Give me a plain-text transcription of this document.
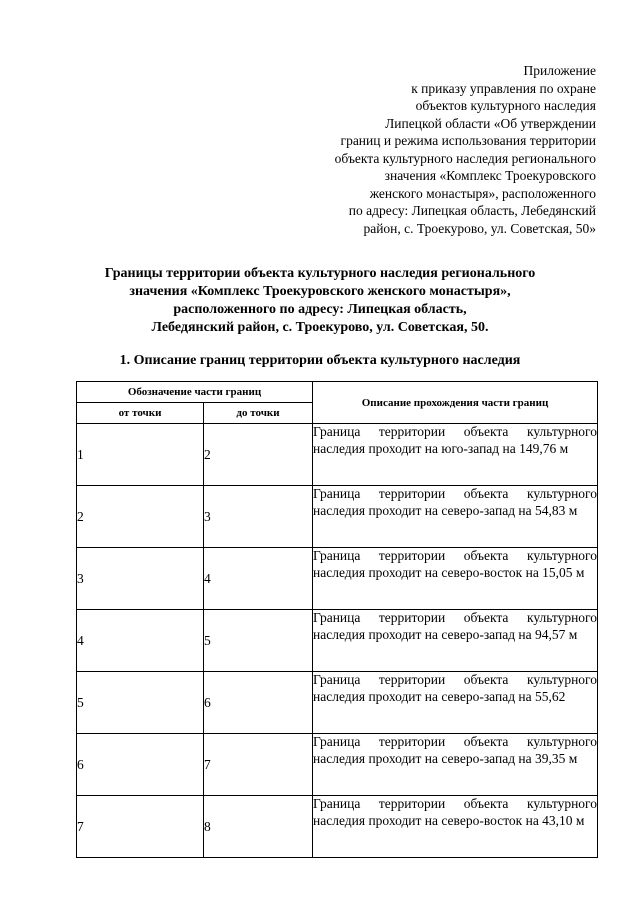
Приложение
к приказу управления по охране
объектов культурного наследия
Липецкой области «Об утверждении
границ и режима использования территории
объекта культурного наследия регионального
значения «Комплекс Троекуровского
женского монастыря», расположенного
по адресу: Липецкая область, Лебедянский
район, с. Троекурово, ул. Советская, 50»
Границы территории объекта культурного наследия регионального
значения «Комплекс Троекуровского женского монастыря»,
расположенного по адресу: Липецкая область,
Лебедянский район, с. Троекурово, ул. Советская, 50.
1. Описание границ территории объекта культурного наследия
Обозначение части границ		Описание прохождения части границ
от точки	до точки	
1	2	Граница территории объекта культурного наследия проходит на юго-запад на 149,76 м
2	3	Граница территории объекта культурного наследия проходит на северо-запад на 54,83 м
3	4	Граница территории объекта культурного наследия проходит на северо-восток на 15,05 м
4	5	Граница территории объекта культурного наследия проходит на северо-запад на 94,57 м
5	6	Граница территории объекта культурного наследия проходит на северо-запад на 55,62
6	7	Граница территории объекта культурного наследия проходит на северо-запад на 39,35 м
7	8	Граница территории объекта культурного наследия проходит на северо-восток на 43,10 м
